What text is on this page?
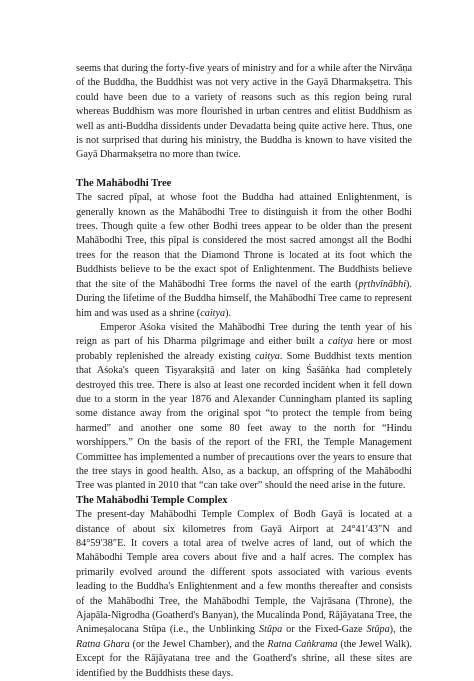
seems that during the forty-five years of ministry and for a while after the Nirvāṇa of the Buddha, the Buddhist was not very active in the Gayā Dharmakṣetra. This could have been due to a variety of reasons such as this region being rural whereas Buddhism was more flourished in urban centres and elitist Buddhism as well as anti-Buddha dissidents under Devadatta being quite active here. Thus, one is not surprised that during his ministry, the Buddha is known to have visited the Gayā Dharmakṣetra no more than twice.

The Mahābodhi Tree

The sacred pīpal, at whose foot the Buddha had attained Enlightenment, is generally known as the Mahābodhi Tree to distinguish it from the other Bodhi trees. Though quite a few other Bodhi trees appear to be older than the present Mahābodhi Tree, this pīpal is considered the most sacred amongst all the Bodhi trees for the reason that the Diamond Throne is located at its foot which the Buddhists believe to be the exact spot of Enlightenment. The Buddhists believe that the site of the Mahābodhi Tree forms the navel of the earth (pṛthvīnābhi). During the lifetime of the Buddha himself, the Mahābodhi Tree came to represent him and was used as a shrine (caitya).

Emperor Aśoka visited the Mahābodhi Tree during the tenth year of his reign as part of his Dharma pilgrimage and either built a caitya here or most probably replenished the already existing caitya. Some Buddhist texts mention that Aśoka's queen Tiṣyarakṣitā and later on king Śaśāṅka had completely destroyed this tree. There is also at least one recorded incident when it fell down due to a storm in the year 1876 and Alexander Cunningham planted its sapling some distance away from the original spot “to protect the temple from being harmed” and another one some 80 feet away to the north for “Hindu worshippers.” On the basis of the report of the FRI, the Temple Management Committee has implemented a number of precautions over the years to ensure that the tree stays in good health. Also, as a backup, an offspring of the Mahābodhi Tree was planted in 2010 that “can take over” should the need arise in the future.

The Mahābodhi Temple Complex

The present-day Mahābodhi Temple Complex of Bodh Gayā is located at a distance of about six kilometres from Gayā Airport at 24°41′43″N and 84°59′38″E. It covers a total area of twelve acres of land, out of which the Mahābodhi Temple area covers about five and a half acres. The complex has primarily evolved around the different spots associated with various events leading to the Buddha's Enlightenment and a few months thereafter and consists of the Mahābodhi Tree, the Mahābodhi Temple, the Vajrāsana (Throne), the Ajapāla-Nigrodha (Goatherd's Banyan), the Mucalinda Pond, Rājāyatana Tree, the Animeṣalocana Stūpa (i.e., the Unblinking Stūpa or the Fixed-Gaze Stūpa), the Ratna Ghara (or the Jewel Chamber), and the Ratna Caṅkrama (the Jewel Walk). Except for the Rājāyatana tree and the Goatherd's shrine, all these sites are identified by the Buddhists these days.
